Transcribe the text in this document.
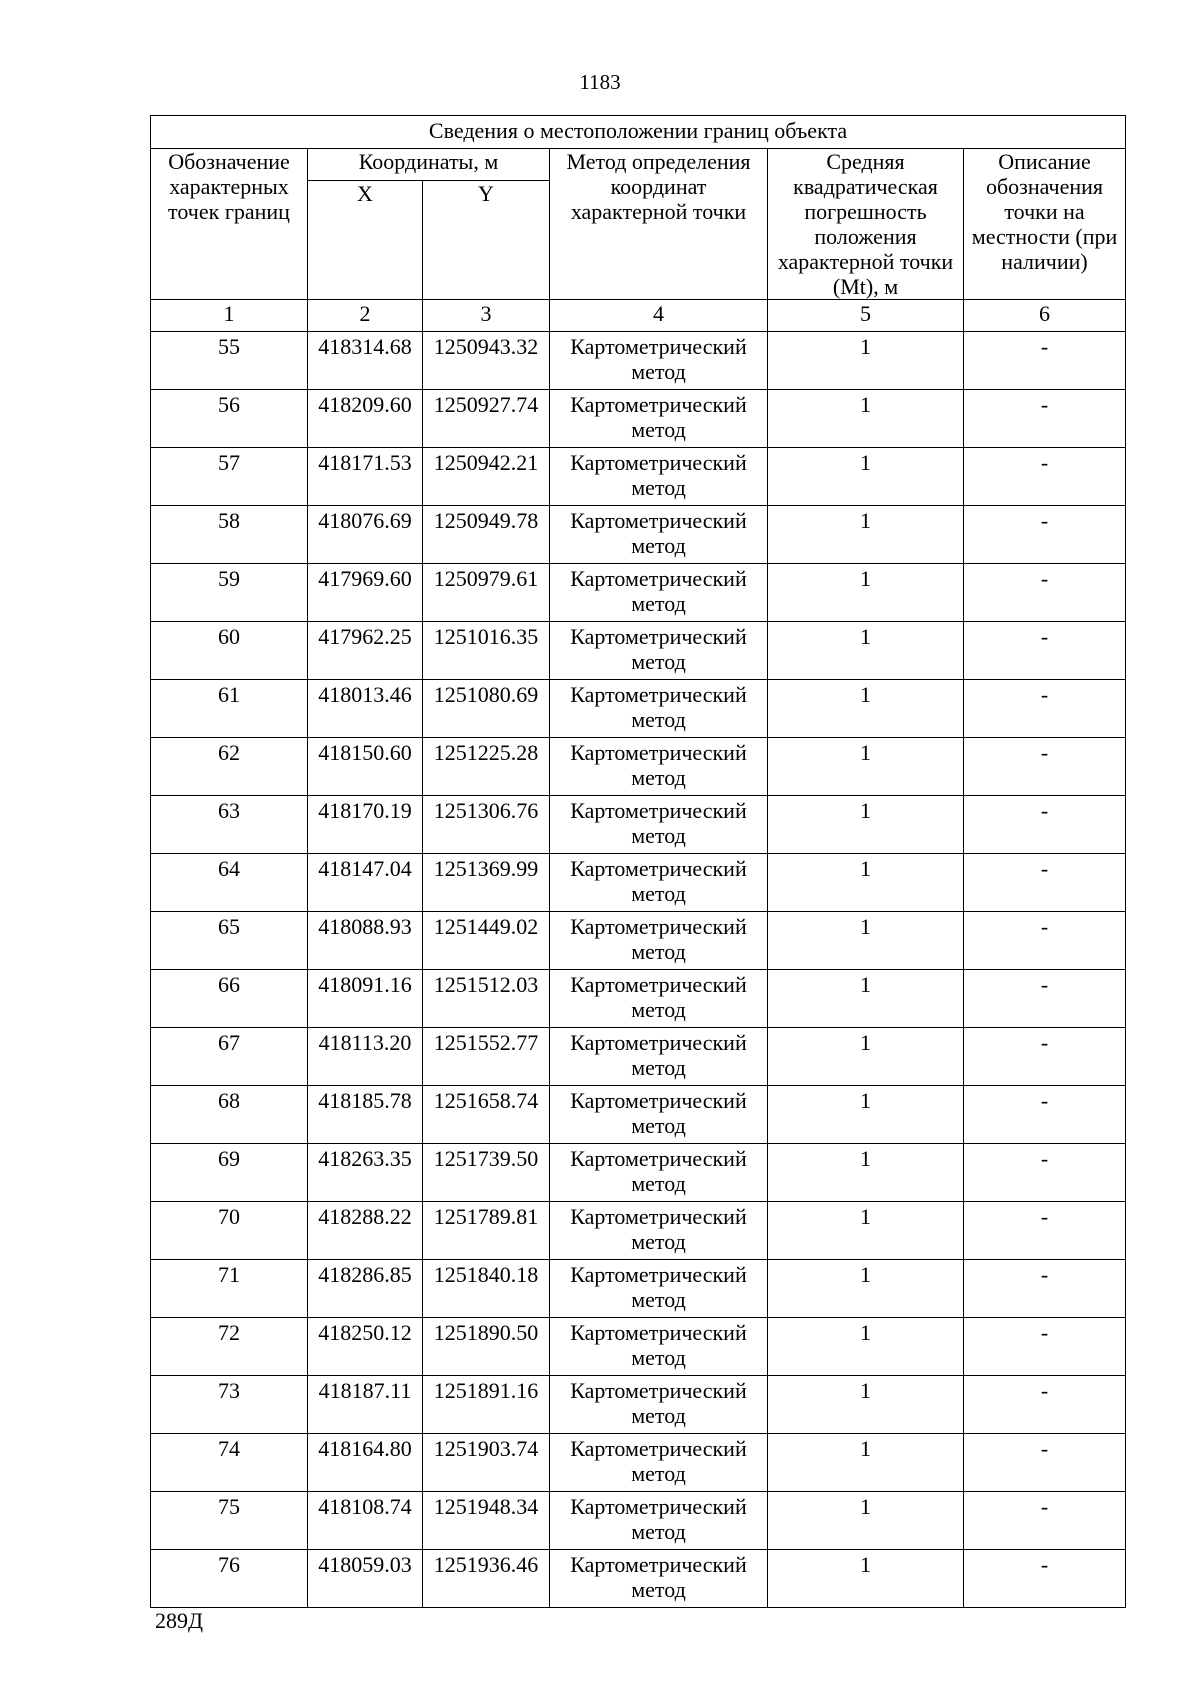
1183
Сведения о местоположении границ объекта					
Обозначение характерных точек границ	Координаты, м		Метод определения координат характерной точки	Средняя квадратическая погрешность положения характерной точки (Mt), м	Описание обозначения точки на местности (при наличии)
	X	Y			
1	2	3	4	5	6
55	418314.68	1250943.32	Картометрический метод	1	-
56	418209.60	1250927.74	Картометрический метод	1	-
57	418171.53	1250942.21	Картометрический метод	1	-
58	418076.69	1250949.78	Картометрический метод	1	-
59	417969.60	1250979.61	Картометрический метод	1	-
60	417962.25	1251016.35	Картометрический метод	1	-
61	418013.46	1251080.69	Картометрический метод	1	-
62	418150.60	1251225.28	Картометрический метод	1	-
63	418170.19	1251306.76	Картометрический метод	1	-
64	418147.04	1251369.99	Картометрический метод	1	-
65	418088.93	1251449.02	Картометрический метод	1	-
66	418091.16	1251512.03	Картометрический метод	1	-
67	418113.20	1251552.77	Картометрический метод	1	-
68	418185.78	1251658.74	Картометрический метод	1	-
69	418263.35	1251739.50	Картометрический метод	1	-
70	418288.22	1251789.81	Картометрический метод	1	-
71	418286.85	1251840.18	Картометрический метод	1	-
72	418250.12	1251890.50	Картометрический метод	1	-
73	418187.11	1251891.16	Картометрический метод	1	-
74	418164.80	1251903.74	Картометрический метод	1	-
75	418108.74	1251948.34	Картометрический метод	1	-
76	418059.03	1251936.46	Картометрический метод	1	-
289Д
